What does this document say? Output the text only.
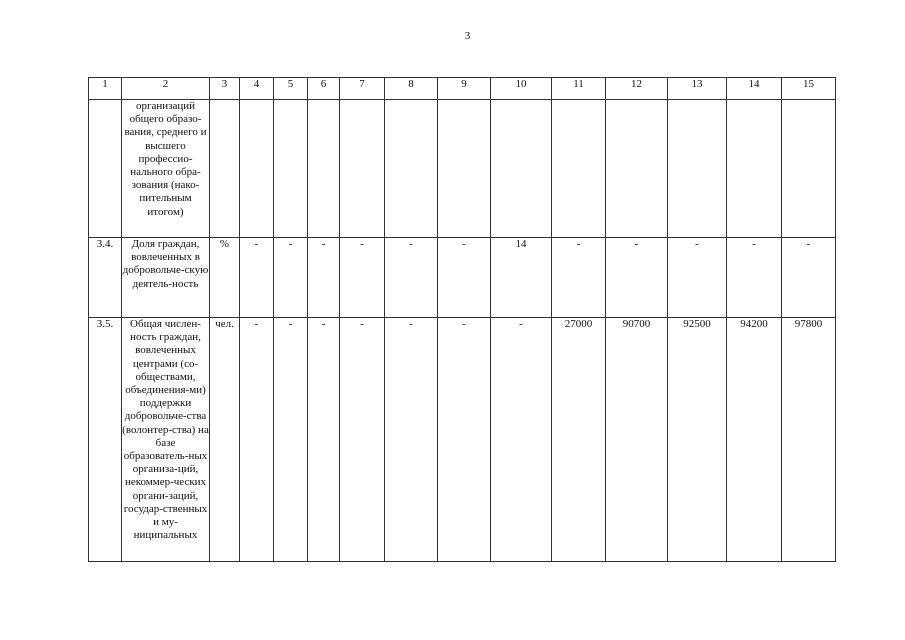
3
1	2	3	4	5	6	7	8	9	10	11	12	13	14	15
	организаций общего образо-вания, среднего и высшего профессио-нального обра-зования (нако-пительным итогом)													
3.4.	Доля граждан, вовлеченных в добровольче-скую деятель-ность	%	-	-	-	-	-	-	14	-	-	-	-	-
3.5.	Общая числен-ность граждан, вовлеченных центрами (со-обществами, объединения-ми) поддержки добровольче-ства (волонтер-ства) на базе образователь-ных организа-ций, некоммер-ческих органи-заций, государ-ственных и му-ниципальных	чел.	-	-	-	-	-	-	-	27000	90700	92500	94200	97800
